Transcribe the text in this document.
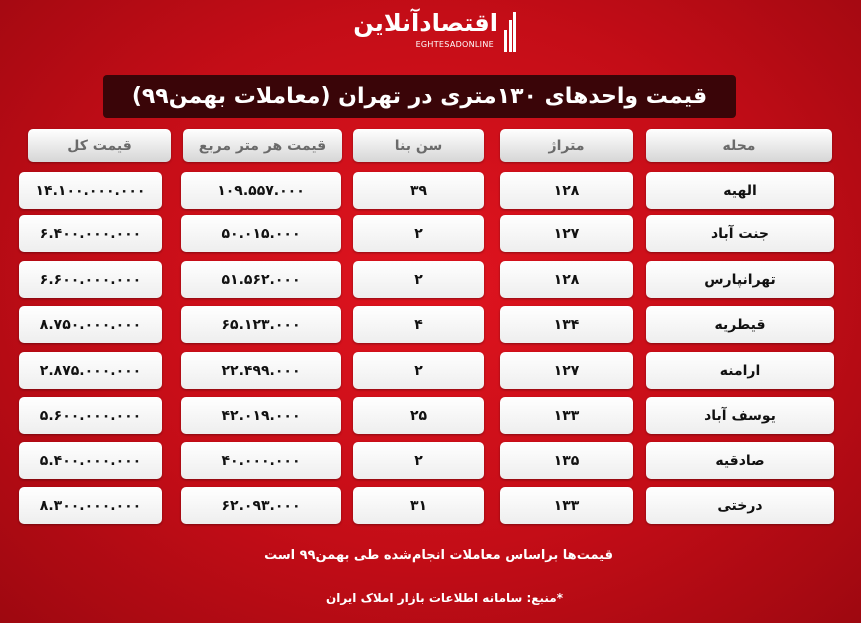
اقتصادآنلاین
EGHTESADONLINE
قیمت واحدهای ۱۳۰متری در تهران (معاملات بهمن۹۹)
محله
متراژ
سن بنا
قیمت هر متر مربع
قیمت کل
الهیه
۱۲۸
۳۹
۱۰۹.۵۵۷.۰۰۰
۱۴.۱۰۰.۰۰۰.۰۰۰
جنت آباد
۱۲۷
۲
۵۰.۰۱۵.۰۰۰
۶.۴۰۰.۰۰۰.۰۰۰
تهرانپارس
۱۲۸
۲
۵۱.۵۶۲.۰۰۰
۶.۶۰۰.۰۰۰.۰۰۰
قیطریه
۱۳۴
۴
۶۵.۱۲۳.۰۰۰
۸.۷۵۰.۰۰۰.۰۰۰
ارامنه
۱۲۷
۲
۲۲.۴۹۹.۰۰۰
۲.۸۷۵.۰۰۰.۰۰۰
یوسف آباد
۱۳۳
۲۵
۴۲.۰۱۹.۰۰۰
۵.۶۰۰.۰۰۰.۰۰۰
صادقیه
۱۳۵
۲
۴۰.۰۰۰.۰۰۰
۵.۴۰۰.۰۰۰.۰۰۰
درختی
۱۳۳
۳۱
۶۲.۰۹۳.۰۰۰
۸.۳۰۰.۰۰۰.۰۰۰
قیمت‌ها براساس معاملات انجام‌شده طی بهمن۹۹ است
*منبع: سامانه اطلاعات بازار املاک ایران
